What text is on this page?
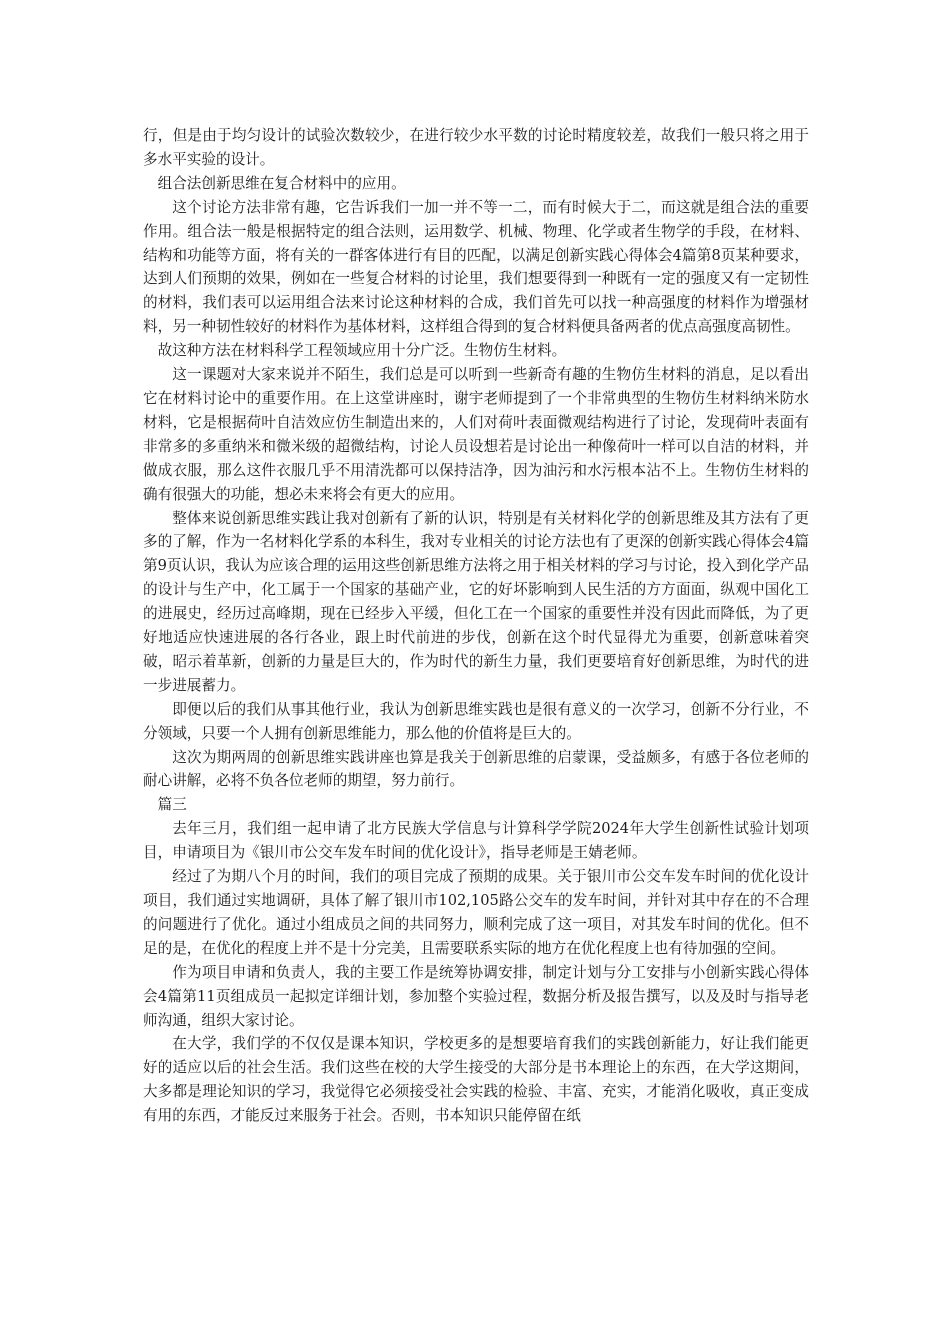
行，但是由于均匀设计的试验次数较少，在进行较少水平数的讨论时精度较差，故我们一般只将之用于多水平实验的设计。

组合法创新思维在复合材料中的应用。

这个讨论方法非常有趣，它告诉我们一加一并不等一二，而有时候大于二，而这就是组合法的重要作用。组合法一般是根据特定的组合法则，运用数学、机械、物理、化学或者生物学的手段，在材料、结构和功能等方面，将有关的一群客体进行有目的匹配，以满足创新实践心得体会4篇第8页某种要求，达到人们预期的效果，例如在一些复合材料的讨论里，我们想要得到一种既有一定的强度又有一定韧性的材料，我们表可以运用组合法来讨论这种材料的合成，我们首先可以找一种高强度的材料作为增强材料，另一种韧性较好的材料作为基体材料，这样组合得到的复合材料便具备两者的优点高强度高韧性。

故这种方法在材料科学工程领域应用十分广泛。生物仿生材料。

这一课题对大家来说并不陌生，我们总是可以听到一些新奇有趣的生物仿生材料的消息，足以看出它在材料讨论中的重要作用。在上这堂讲座时，谢宇老师提到了一个非常典型的生物仿生材料纳米防水材料，它是根据荷叶自洁效应仿生制造出来的，人们对荷叶表面微观结构进行了讨论，发现荷叶表面有非常多的多重纳米和微米级的超微结构，讨论人员设想若是讨论出一种像荷叶一样可以自洁的材料，并做成衣服，那么这件衣服几乎不用清洗都可以保持洁净，因为油污和水污根本沾不上。生物仿生材料的确有很强大的功能，想必未来将会有更大的应用。

整体来说创新思维实践让我对创新有了新的认识，特别是有关材料化学的创新思维及其方法有了更多的了解，作为一名材料化学系的本科生，我对专业相关的讨论方法也有了更深的创新实践心得体会4篇第9页认识，我认为应该合理的运用这些创新思维方法将之用于相关材料的学习与讨论，投入到化学产品的设计与生产中，化工属于一个国家的基础产业，它的好坏影响到人民生活的方方面面，纵观中国化工的进展史，经历过高峰期，现在已经步入平缓，但化工在一个国家的重要性并没有因此而降低，为了更好地适应快速进展的各行各业，跟上时代前进的步伐，创新在这个时代显得尤为重要，创新意味着突破，昭示着革新，创新的力量是巨大的，作为时代的新生力量，我们更要培育好创新思维，为时代的进一步进展蓄力。

即便以后的我们从事其他行业，我认为创新思维实践也是很有意义的一次学习，创新不分行业，不分领域，只要一个人拥有创新思维能力，那么他的价值将是巨大的。

这次为期两周的创新思维实践讲座也算是我关于创新思维的启蒙课，受益颇多，有感于各位老师的耐心讲解，必将不负各位老师的期望，努力前行。

篇三

去年三月，我们组一起申请了北方民族大学信息与计算科学学院2024年大学生创新性试验计划项目，申请项目为《银川市公交车发车时间的优化设计》，指导老师是王婧老师。

经过了为期八个月的时间，我们的项目完成了预期的成果。关于银川市公交车发车时间的优化设计项目，我们通过实地调研，具体了解了银川市102,105路公交车的发车时间，并针对其中存在的不合理的问题进行了优化。通过小组成员之间的共同努力，顺利完成了这一项目，对其发车时间的优化。但不足的是，在优化的程度上并不是十分完美，且需要联系实际的地方在优化程度上也有待加强的空间。

作为项目申请和负责人，我的主要工作是统筹协调安排，制定计划与分工安排与小创新实践心得体会4篇第11页组成员一起拟定详细计划，参加整个实验过程，数据分析及报告撰写，以及及时与指导老师沟通，组织大家讨论。

在大学，我们学的不仅仅是课本知识，学校更多的是想要培育我们的实践创新能力，好让我们能更好的适应以后的社会生活。我们这些在校的大学生接受的大部分是书本理论上的东西，在大学这期间，大多都是理论知识的学习，我觉得它必须接受社会实践的检验、丰富、充实，才能消化吸收，真正变成有用的东西，才能反过来服务于社会。否则，书本知识只能停留在纸
